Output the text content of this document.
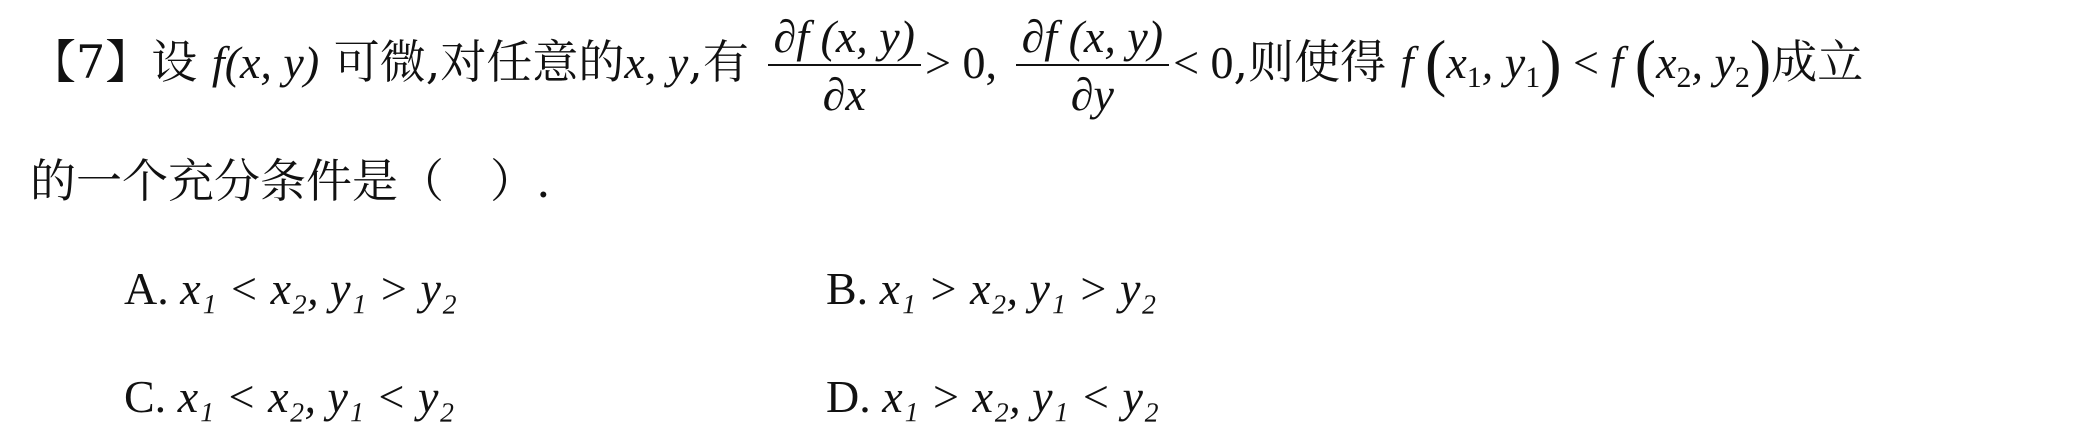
【7】设 f(x, y) 可微,对任意的x, y,有 $\frac{\partial f (x, y)}{\partial x} > 0$, $\frac{\partial f (x, y)}{\partial y} < 0$,则使得 f ($x_1$, $y_1) < f$ ($x_2$, $y_2$)成立
的一个充分条件是（　）.
A. x₁ < x₂, y₁ > y₂	B. x₁ > x₂, y₁ > y₂
C. x₁ < x₂, y₁ < y₂	D. x₁ > x₂, y₁ < y₂
